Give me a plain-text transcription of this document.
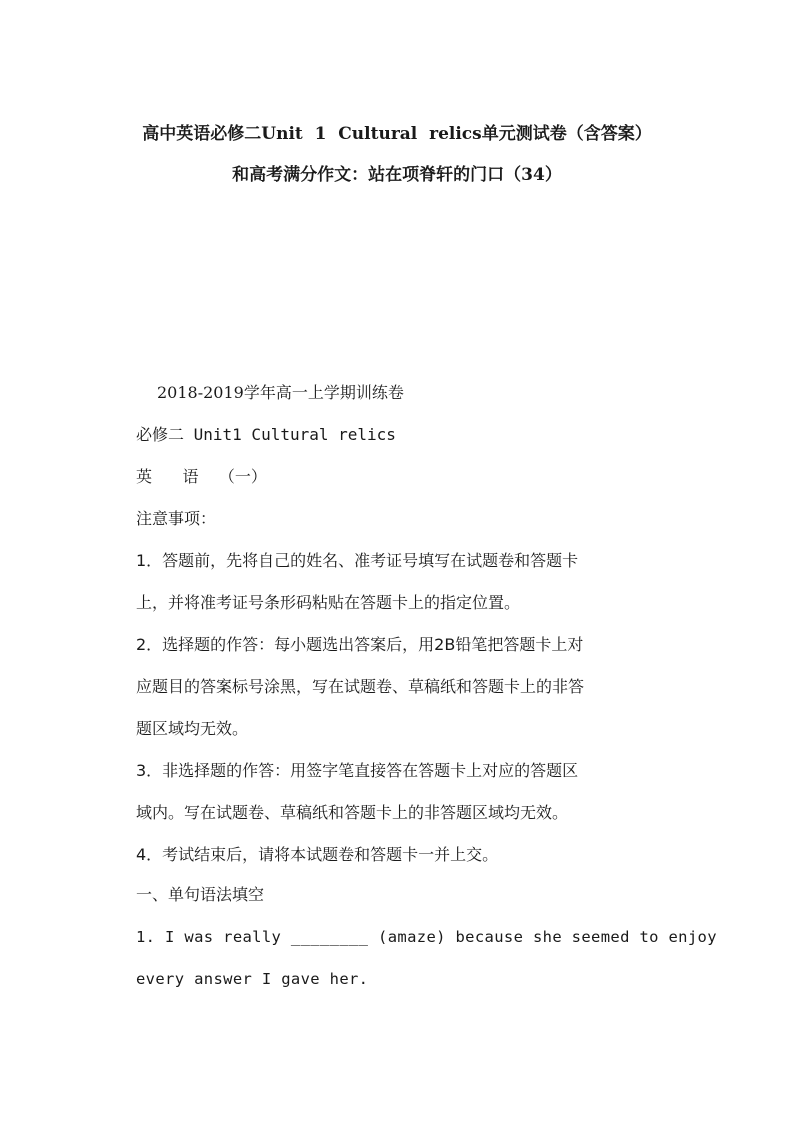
高中英语必修二Unit  1  Cultural  relics单元测试卷（含答案）
和高考满分作文：站在项脊轩的门口（34）
2018-2019学年高一上学期训练卷
必修二 Unit1 Cultural relics
英      语    （一）
注意事项：
1．答题前，先将自己的姓名、准考证号填写在试题卷和答题卡
上，并将准考证号条形码粘贴在答题卡上的指定位置。
2．选择题的作答：每小题选出答案后，用2B铅笔把答题卡上对
应题目的答案标号涂黑，写在试题卷、草稿纸和答题卡上的非答
题区域均无效。
3．非选择题的作答：用签字笔直接答在答题卡上对应的答题区
域内。写在试题卷、草稿纸和答题卡上的非答题区域均无效。
4．考试结束后，请将本试题卷和答题卡一并上交。
一、单句语法填空
1. I was really ________ (amaze) because she seemed to enjoy
every answer I gave her.
